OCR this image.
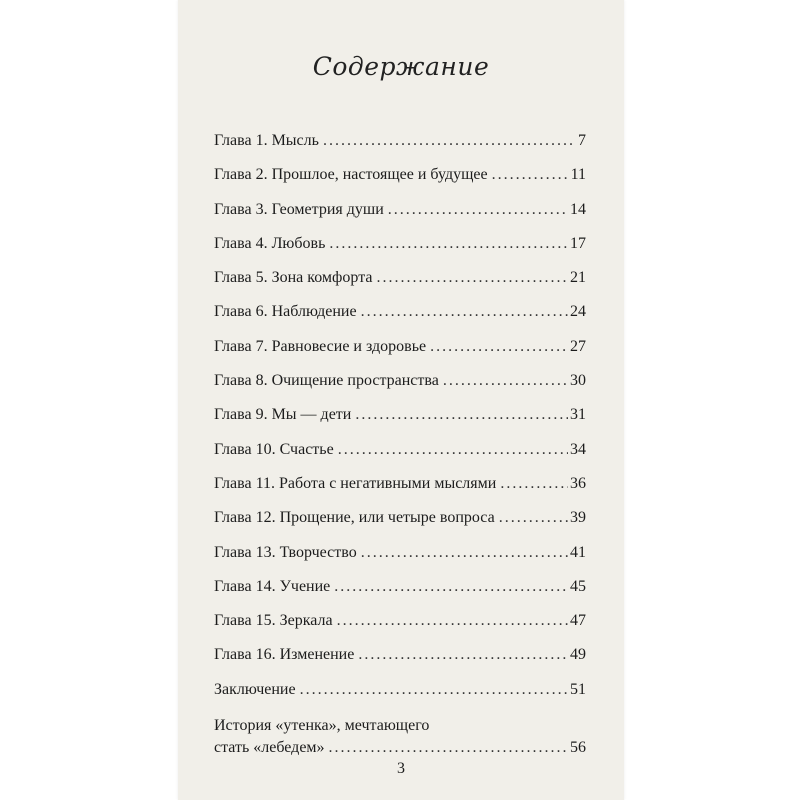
Содержание
Глава 1. Мысль .....	7
Глава 2. Прошлое, настоящее и будущее .....	11
Глава 3. Геометрия души .....	14
Глава 4. Любовь .....	17
Глава 5. Зона комфорта .....	21
Глава 6. Наблюдение .....	24
Глава 7. Равновесие и здоровье .....	27
Глава 8. Очищение пространства .....	30
Глава 9. Мы — дети .....	31
Глава 10. Счастье .....	34
Глава 11. Работа с негативными мыслями .....	36
Глава 12. Прощение, или четыре вопроса .....	39
Глава 13. Творчество .....	41
Глава 14. Учение .....	45
Глава 15. Зеркала .....	47
Глава 16. Изменение .....	49
Заключение .....	51
История «утенка», мечтающего
стать «лебедем» .....	56
3
